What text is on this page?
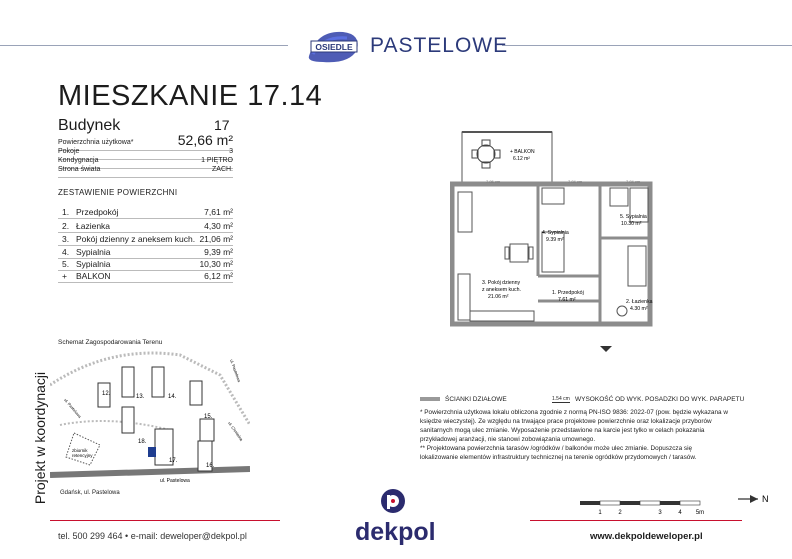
OSIEDLE PASTELOWE
MIESZKANIE 17.14
Budynek	17
Powierzchnia użytkowa*	52,66 m²
Pokoje	3
Kondygnacja	1 PIĘTRO
Strona świata	ZACH.
ZESTAWIENIE POWIERZCHNI
1. Przedpokój	7,61 m²
2. Łazienka	4,30 m²
3. Pokój dzienny z aneksem kuch. 21,06 m²
4. Sypialnia	9,39 m²
5. Sypialnia	10,30 m²
+	BALKON	6,12 m²
+ BALKON
6.12 m²
7.86 cm	7.84 cm	7.84 cm
3. Pokój dzienny
z aneksem kuch.
21.06 m²
4. Sypialnia
9.39 m²
5. Sypialnia
10.30 m²
1. Przedpokój
7.61 m²	2. Łazienka
4.30 m²
Schemat Zagospodarowania Terenu
12.	13.	14.
15.
16.
17.
18.
zbiornik
retencyjny
ul. Pastelowa
ul. Pastelowa
ul. Pastelowa
ul. Chmielna
Projekt w koordynacji Gdańsk, ul. Pastelowa
ŚCIANKI DZIAŁOWE	1.54 cm WYSOKOŚĆ OD WYK. POSADZKI DO WYK. PARAPETU
* Powierzchnia użytkowa lokalu obliczona zgodnie z normą PN-ISO 9836: 2022-07 (pow. będzie wykazana w księdze wieczystej). Ze względu na trwające prace projektowe powierzchnie oraz lokalizacje przyborów sanitarnych mogą ulec zmianie. Wyposażenie przedstawione na karcie jest tylko w celach pokazania przykładowej aranżacji, nie stanowi zobowiązania umownego.
** Projektowana powierzchnia tarasów /ogródków / balkonów może ulec zmianie. Dopuszcza się lokalizowanie elementów infrastruktury technicznej na terenie ogródków przydomowych / tarasów.
1	2	3	4 5m
N
dekpol
tel. 500 299 464 • e-mail: deweloper@dekpol.pl	www.dekpoldeweloper.pl
